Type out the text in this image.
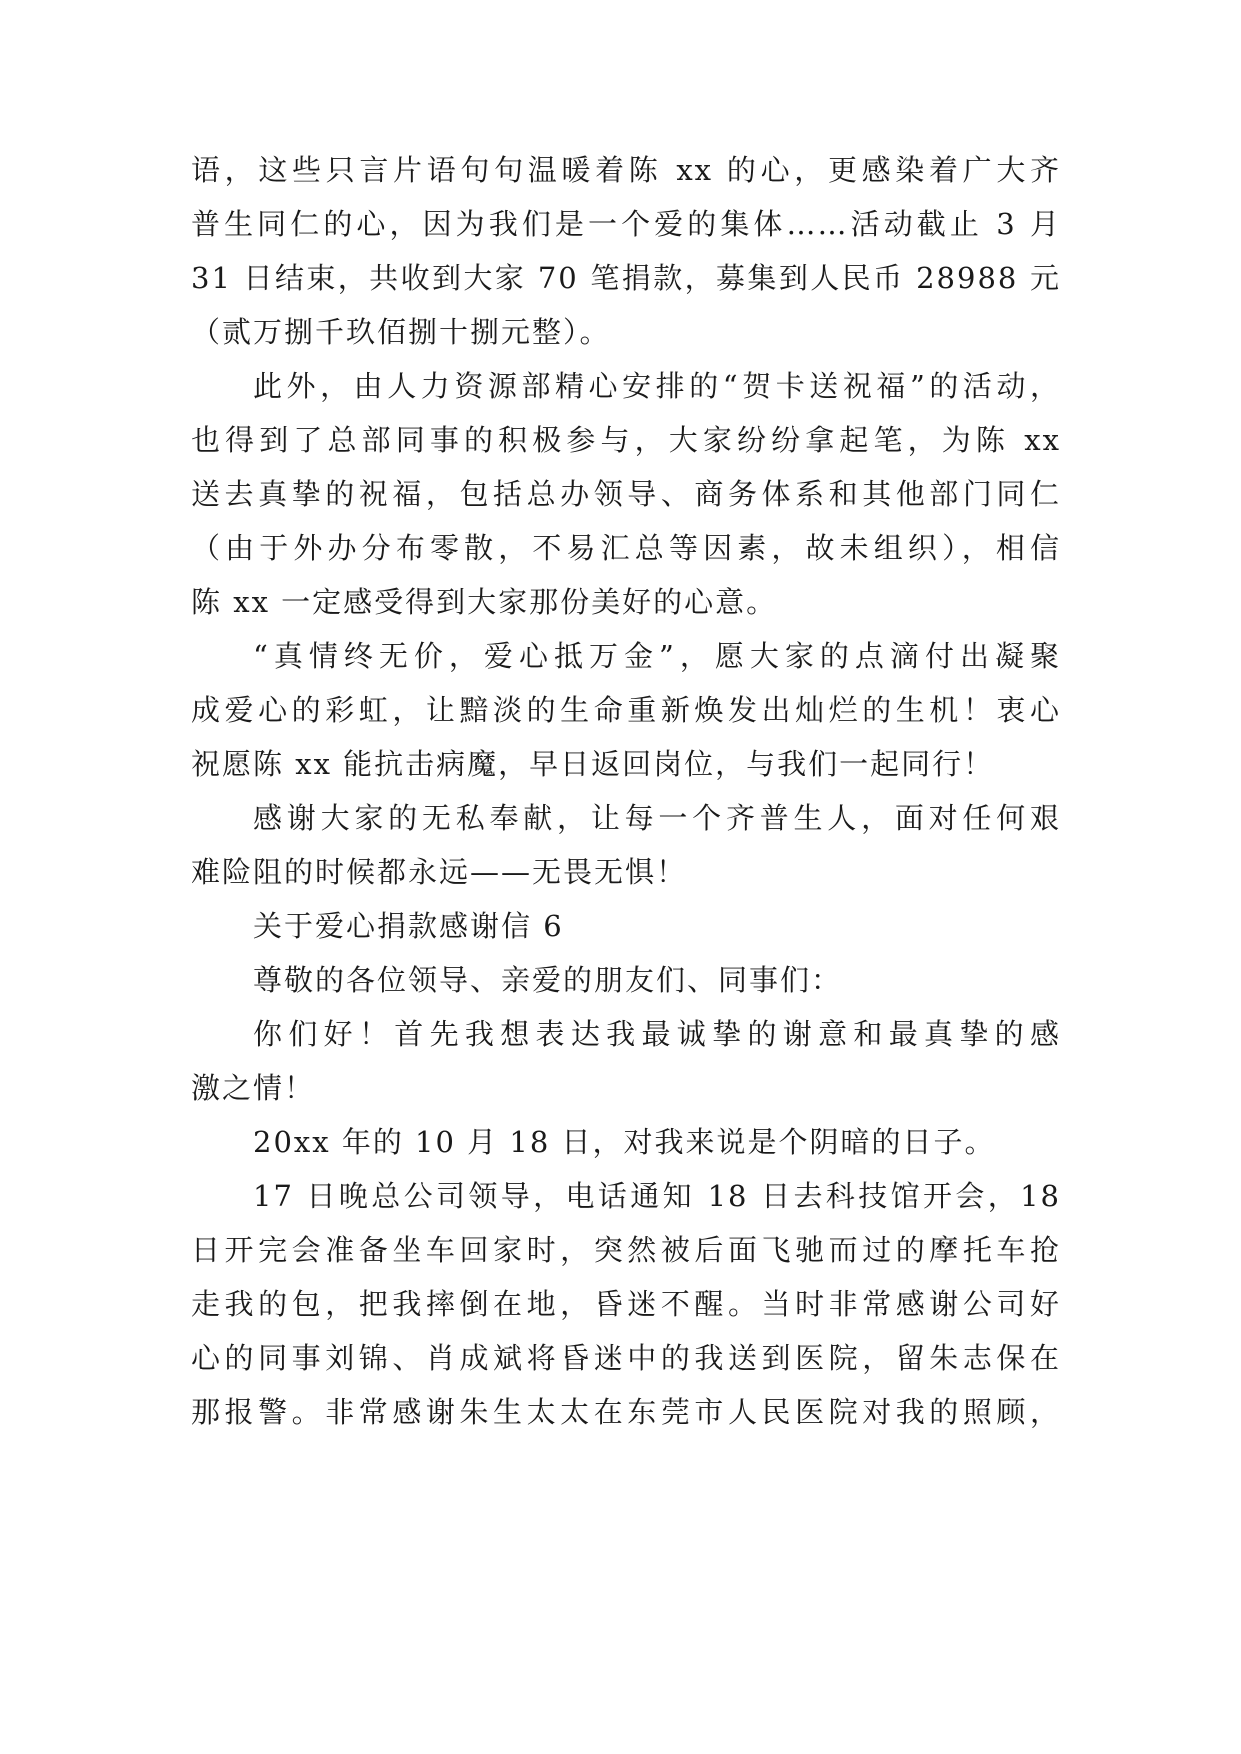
语，这些只言片语句句温暖着陈 xx 的心，更感染着广大齐
普生同仁的心，因为我们是一个爱的集体……活动截止 3 月
31 日结束，共收到大家 70 笔捐款，募集到人民币 28988 元
（贰万捌千玖佰捌十捌元整）。
此外，由人力资源部精心安排的“贺卡送祝福”的活动，
也得到了总部同事的积极参与，大家纷纷拿起笔，为陈 xx
送去真挚的祝福，包括总办领导、商务体系和其他部门同仁
（由于外办分布零散，不易汇总等因素，故未组织），相信
陈 xx 一定感受得到大家那份美好的心意。
“真情终无价，爱心抵万金”，愿大家的点滴付出凝聚
成爱心的彩虹，让黯淡的生命重新焕发出灿烂的生机！衷心
祝愿陈 xx 能抗击病魔，早日返回岗位，与我们一起同行！
感谢大家的无私奉献，让每一个齐普生人，面对任何艰
难险阻的时候都永远——无畏无惧！
关于爱心捐款感谢信 6
尊敬的各位领导、亲爱的朋友们、同事们：
你们好！首先我想表达我最诚挚的谢意和最真挚的感
激之情！
20xx 年的 10 月 18 日，对我来说是个阴暗的日子。
17 日晚总公司领导，电话通知 18 日去科技馆开会，18
日开完会准备坐车回家时，突然被后面飞驰而过的摩托车抢
走我的包，把我摔倒在地，昏迷不醒。当时非常感谢公司好
心的同事刘锦、肖成斌将昏迷中的我送到医院，留朱志保在
那报警。非常感谢朱生太太在东莞市人民医院对我的照顾，
